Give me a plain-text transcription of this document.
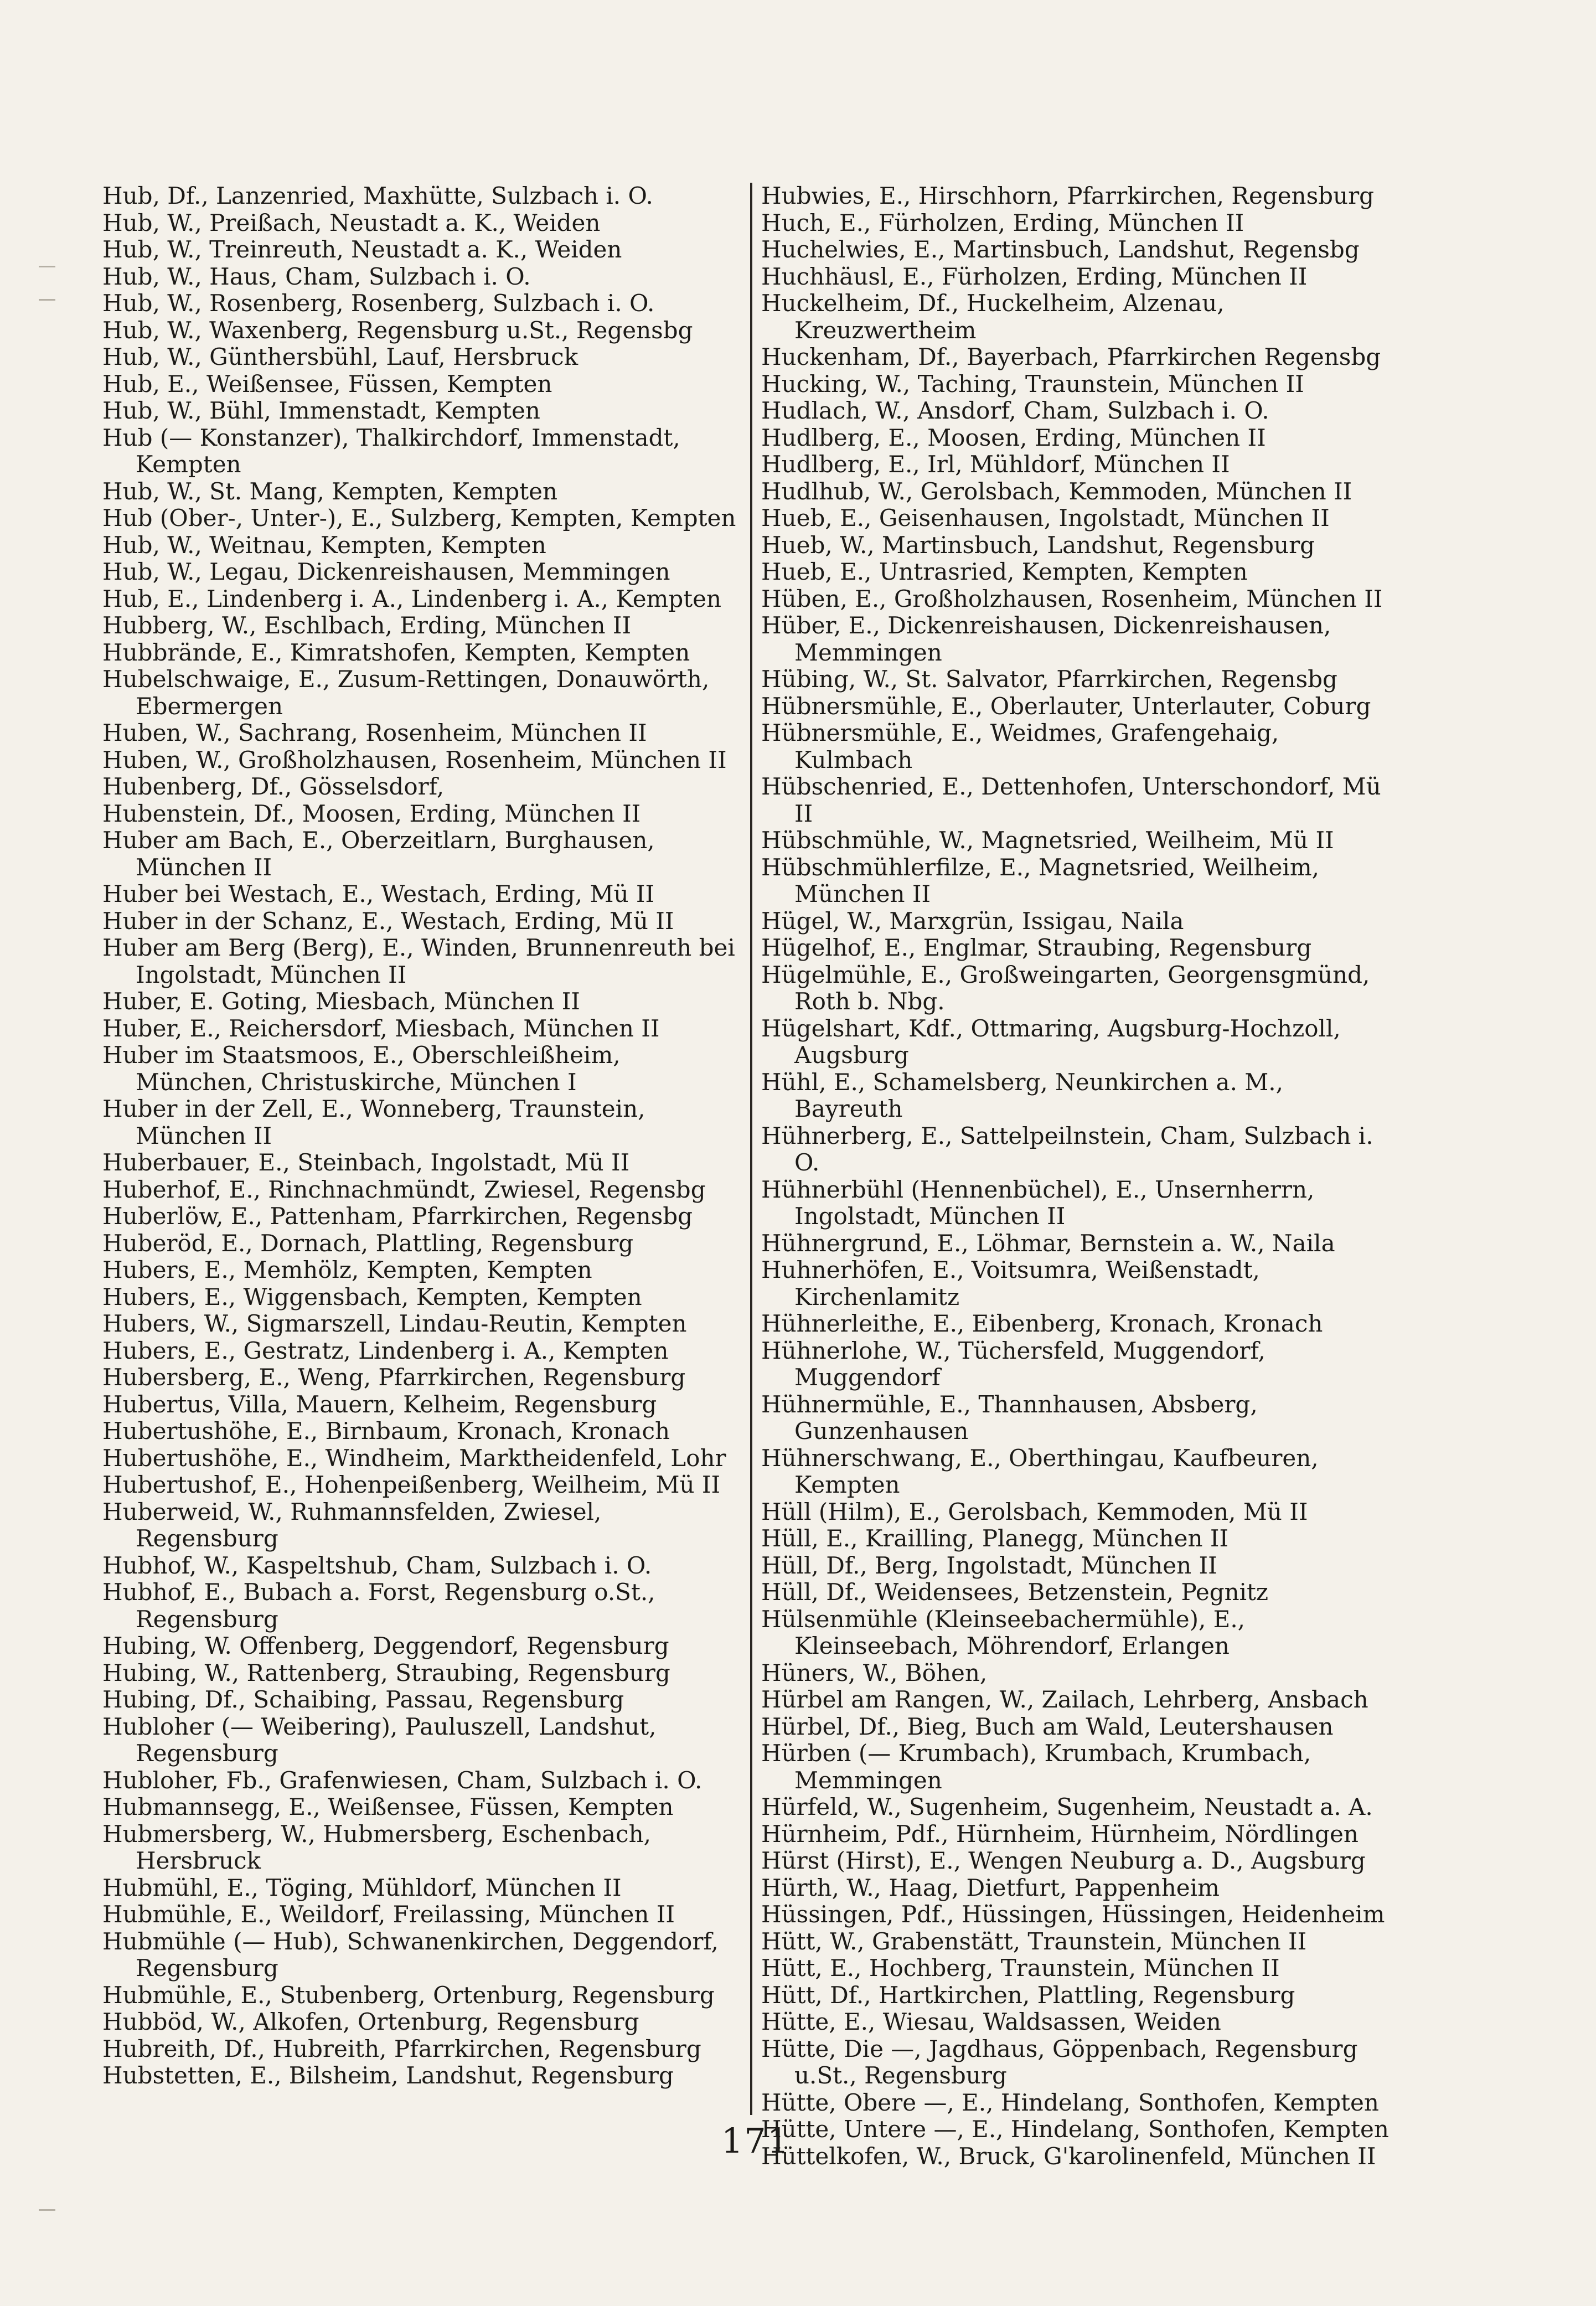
Hub, Df., Lanzenried, Maxhütte, Sulzbach i. O.
Hub, W., Preißach, Neustadt a. K., Weiden
Hub, W., Treinreuth, Neustadt a. K., Weiden
Hub, W., Haus, Cham, Sulzbach i. O.
Hub, W., Rosenberg, Rosenberg, Sulzbach i. O.
Hub, W., Waxenberg, Regensburg u.St., Regensbg
Hub, W., Günthersbühl, Lauf, Hersbruck
Hub, E., Weißensee, Füssen, Kempten
Hub, W., Bühl, Immenstadt, Kempten
Hub (— Konstanzer), Thalkirchdorf, Immenstadt, Kempten
Hub, W., St. Mang, Kempten, Kempten
Hub (Ober-, Unter-), E., Sulzberg, Kempten, Kempten
Hub, W., Weitnau, Kempten, Kempten
Hub, W., Legau, Dickenreishausen, Memmingen
Hub, E., Lindenberg i. A., Lindenberg i. A., Kempten
Hubberg, W., Eschlbach, Erding, München II
Hubbrände, E., Kimratshofen, Kempten, Kempten
Hubelschwaige, E., Zusum-Rettingen, Donauwörth, Ebermergen
Huben, W., Sachrang, Rosenheim, München II
Huben, W., Großholzhausen, Rosenheim, München II
Hubenberg, Df., Gösselsdorf,
Hubenstein, Df., Moosen, Erding, München II
Huber am Bach, E., Oberzeitlarn, Burghausen, München II
Huber bei Westach, E., Westach, Erding, Mü II
Huber in der Schanz, E., Westach, Erding, Mü II
Huber am Berg (Berg), E., Winden, Brunnenreuth bei Ingolstadt, München II
Huber, E. Goting, Miesbach, München II
Huber, E., Reichersdorf, Miesbach, München II
Huber im Staatsmoos, E., Oberschleißheim, München, Christuskirche, München I
Huber in der Zell, E., Wonneberg, Traunstein, München II
Huberbauer, E., Steinbach, Ingolstadt, Mü II
Huberhof, E., Rinchnachmündt, Zwiesel, Regensbg
Huberlöw, E., Pattenham, Pfarrkirchen, Regensbg
Huberöd, E., Dornach, Plattling, Regensburg
Hubers, E., Memhölz, Kempten, Kempten
Hubers, E., Wiggensbach, Kempten, Kempten
Hubers, W., Sigmarszell, Lindau-Reutin, Kempten
Hubers, E., Gestratz, Lindenberg i. A., Kempten
Hubersberg, E., Weng, Pfarrkirchen, Regensburg
Hubertus, Villa, Mauern, Kelheim, Regensburg
Hubertushöhe, E., Birnbaum, Kronach, Kronach
Hubertushöhe, E., Windheim, Marktheidenfeld, Lohr
Hubertushof, E., Hohenpeißenberg, Weilheim, Mü II
Huberweid, W., Ruhmannsfelden, Zwiesel, Regensburg
Hubhof, W., Kaspeltshub, Cham, Sulzbach i. O.
Hubhof, E., Bubach a. Forst, Regensburg o.St., Regensburg
Hubing, W. Offenberg, Deggendorf, Regensburg
Hubing, W., Rattenberg, Straubing, Regensburg
Hubing, Df., Schaibing, Passau, Regensburg
Hubloher (— Weibering), Pauluszell, Landshut, Regensburg
Hubloher, Fb., Grafenwiesen, Cham, Sulzbach i. O.
Hubmannsegg, E., Weißensee, Füssen, Kempten
Hubmersberg, W., Hubmersberg, Eschenbach, Hersbruck
Hubmühl, E., Töging, Mühldorf, München II
Hubmühle, E., Weildorf, Freilassing, München II
Hubmühle (— Hub), Schwanenkirchen, Deggendorf, Regensburg
Hubmühle, E., Stubenberg, Ortenburg, Regensburg
Hubböd, W., Alkofen, Ortenburg, Regensburg
Hubreith, Df., Hubreith, Pfarrkirchen, Regensburg
Hubstetten, E., Bilsheim, Landshut, Regensburg
Hubwies, E., Hirschhorn, Pfarrkirchen, Regensburg
Huch, E., Fürholzen, Erding, München II
Huchelwies, E., Martinsbuch, Landshut, Regensbg
Huchhäusl, E., Fürholzen, Erding, München II
Huckelheim, Df., Huckelheim, Alzenau, Kreuzwertheim
Huckenham, Df., Bayerbach, Pfarrkirchen Regensbg
Hucking, W., Taching, Traunstein, München II
Hudlach, W., Ansdorf, Cham, Sulzbach i. O.
Hudlberg, E., Moosen, Erding, München II
Hudlberg, E., Irl, Mühldorf, München II
Hudlhub, W., Gerolsbach, Kemmoden, München II
Hueb, E., Geisenhausen, Ingolstadt, München II
Hueb, W., Martinsbuch, Landshut, Regensburg
Hueb, E., Untrasried, Kempten, Kempten
Hüben, E., Großholzhausen, Rosenheim, München II
Hüber, E., Dickenreishausen, Dickenreishausen, Memmingen
Hübing, W., St. Salvator, Pfarrkirchen, Regensbg
Hübnersmühle, E., Oberlauter, Unterlauter, Coburg
Hübnersmühle, E., Weidmes, Grafengehaig, Kulmbach
Hübschenried, E., Dettenhofen, Unterschondorf, Mü II
Hübschmühle, W., Magnetsried, Weilheim, Mü II
Hübschmühlerfilze, E., Magnetsried, Weilheim, München II
Hügel, W., Marxgrün, Issigau, Naila
Hügelhof, E., Englmar, Straubing, Regensburg
Hügelmühle, E., Großweingarten, Georgensgmünd, Roth b. Nbg.
Hügelshart, Kdf., Ottmaring, Augsburg-Hochzoll, Augsburg
Hühl, E., Schamelsberg, Neunkirchen a. M., Bayreuth
Hühnerberg, E., Sattelpeilnstein, Cham, Sulzbach i. O.
Hühnerbühl (Hennenbüchel), E., Unsernherrn, Ingolstadt, München II
Hühnergrund, E., Löhmar, Bernstein a. W., Naila
Huhnerhöfen, E., Voitsumra, Weißenstadt, Kirchenlamitz
Hühnerleithe, E., Eibenberg, Kronach, Kronach
Hühnerlohe, W., Tüchersfeld, Muggendorf, Muggendorf
Hühnermühle, E., Thannhausen, Absberg, Gunzenhausen
Hühnerschwang, E., Oberthingau, Kaufbeuren, Kempten
Hüll (Hilm), E., Gerolsbach, Kemmoden, Mü II
Hüll, E., Krailling, Planegg, München II
Hüll, Df., Berg, Ingolstadt, München II
Hüll, Df., Weidensees, Betzenstein, Pegnitz
Hülsenmühle (Kleinseebachermühle), E., Kleinseebach, Möhrendorf, Erlangen
Hüners, W., Böhen,
Hürbel am Rangen, W., Zailach, Lehrberg, Ansbach
Hürbel, Df., Bieg, Buch am Wald, Leutershausen
Hürben (— Krumbach), Krumbach, Krumbach, Memmingen
Hürfeld, W., Sugenheim, Sugenheim, Neustadt a. A.
Hürnheim, Pdf., Hürnheim, Hürnheim, Nördlingen
Hürst (Hirst), E., Wengen Neuburg a. D., Augsburg
Hürth, W., Haag, Dietfurt, Pappenheim
Hüssingen, Pdf., Hüssingen, Hüssingen, Heidenheim
Hütt, W., Grabenstätt, Traunstein, München II
Hütt, E., Hochberg, Traunstein, München II
Hütt, Df., Hartkirchen, Plattling, Regensburg
Hütte, E., Wiesau, Waldsassen, Weiden
Hütte, Die —, Jagdhaus, Göppenbach, Regensburg u.St., Regensburg
Hütte, Obere —, E., Hindelang, Sonthofen, Kempten
Hütte, Untere —, E., Hindelang, Sonthofen, Kempten
Hüttelkofen, W., Bruck, G'karolinenfeld, München II
171
